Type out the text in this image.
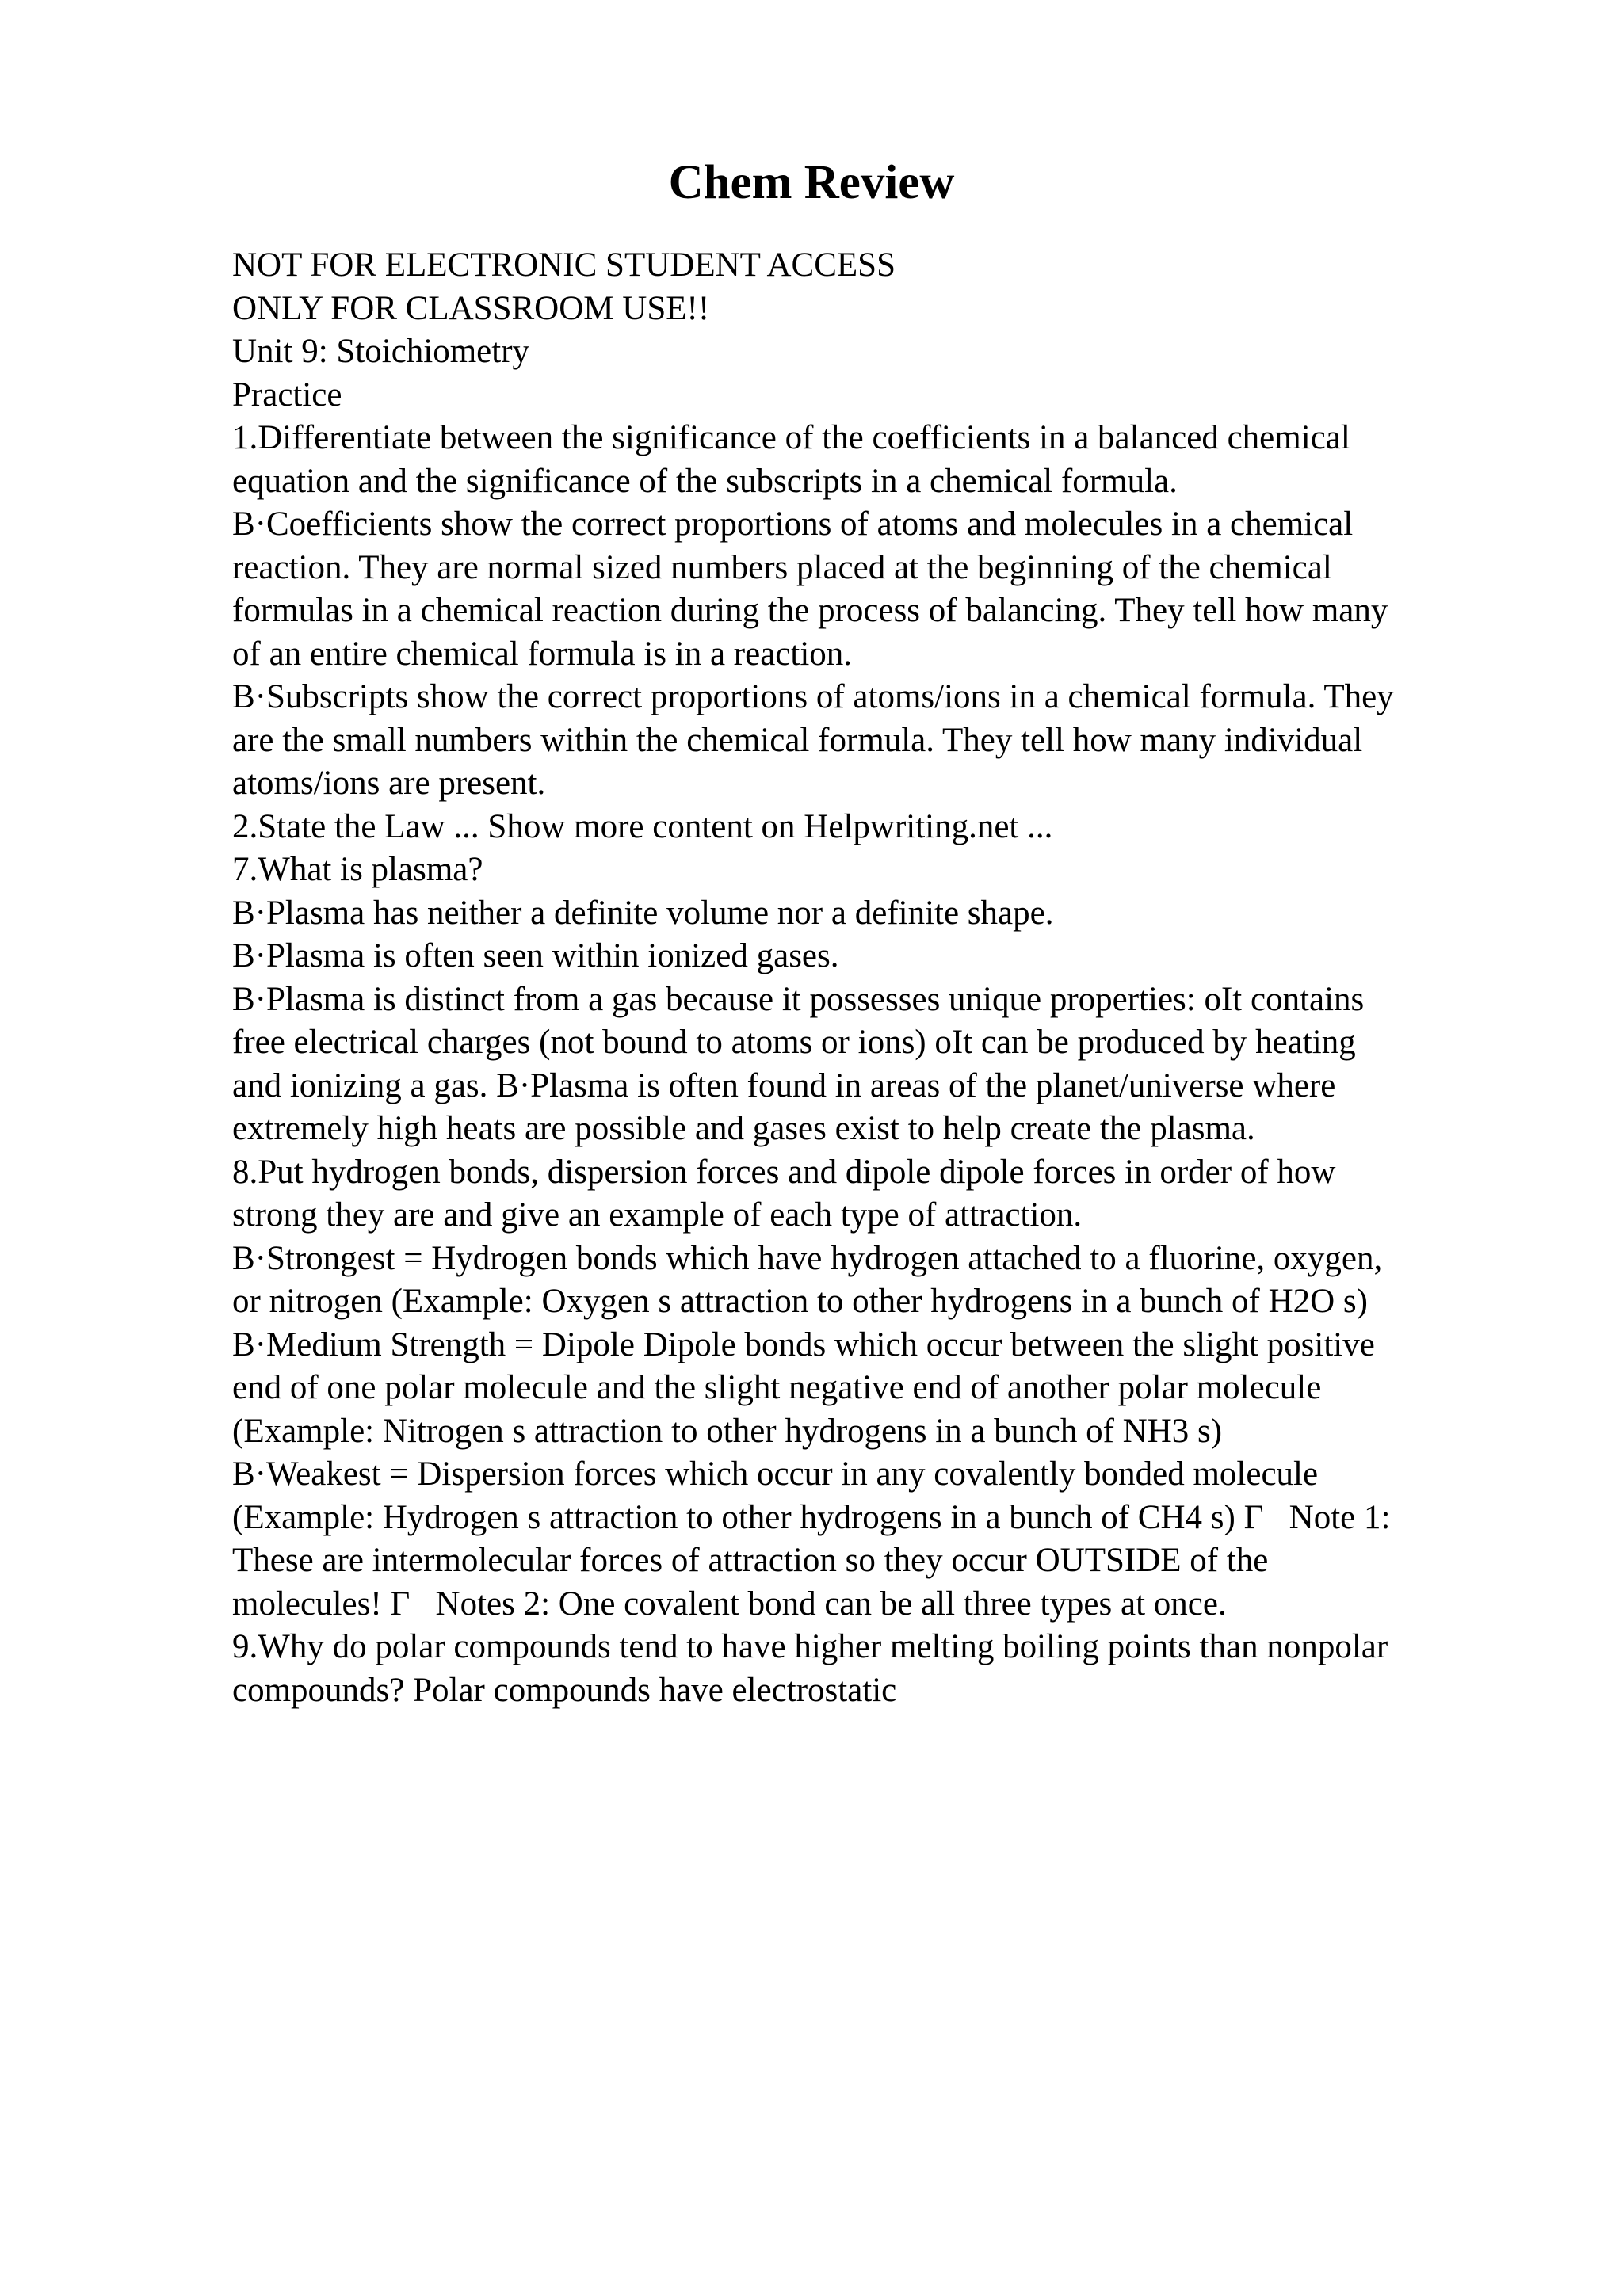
Chem Review
NOT FOR ELECTRONIC STUDENT ACCESS
ONLY FOR CLASSROOM USE!!
Unit 9: Stoichiometry
Practice
1.Differentiate between the significance of the coefficients in a balanced chemical
equation and the significance of the subscripts in a chemical formula.
B·Coefficients show the correct proportions of atoms and molecules in a chemical
reaction. They are normal sized numbers placed at the beginning of the chemical
formulas in a chemical reaction during the process of balancing. They tell how many
of an entire chemical formula is in a reaction.
B·Subscripts show the correct proportions of atoms/ions in a chemical formula. They
are the small numbers within the chemical formula. They tell how many individual
atoms/ions are present.
2.State the Law ... Show more content on Helpwriting.net ...
7.What is plasma?
B·Plasma has neither a definite volume nor a definite shape.
B·Plasma is often seen within ionized gases.
B·Plasma is distinct from a gas because it possesses unique properties: oIt contains
free electrical charges (not bound to atoms or ions) oIt can be produced by heating
and ionizing a gas. B·Plasma is often found in areas of the planet/universe where
extremely high heats are possible and gases exist to help create the plasma.
8.Put hydrogen bonds, dispersion forces and dipole dipole forces in order of how
strong they are and give an example of each type of attraction.
B·Strongest = Hydrogen bonds which have hydrogen attached to a fluorine, oxygen,
or nitrogen (Example: Oxygen s attraction to other hydrogens in a bunch of H2O s)
B·Medium Strength = Dipole Dipole bonds which occur between the slight positive
end of one polar molecule and the slight negative end of another polar molecule
(Example: Nitrogen s attraction to other hydrogens in a bunch of NH3 s)
B·Weakest = Dispersion forces which occur in any covalently bonded molecule
(Example: Hydrogen s attraction to other hydrogens in a bunch of CH4 s) Γ   Note 1:
These are intermolecular forces of attraction so they occur OUTSIDE of the
molecules! Γ   Notes 2: One covalent bond can be all three types at once.
9.Why do polar compounds tend to have higher melting boiling points than nonpolar
compounds? Polar compounds have electrostatic
